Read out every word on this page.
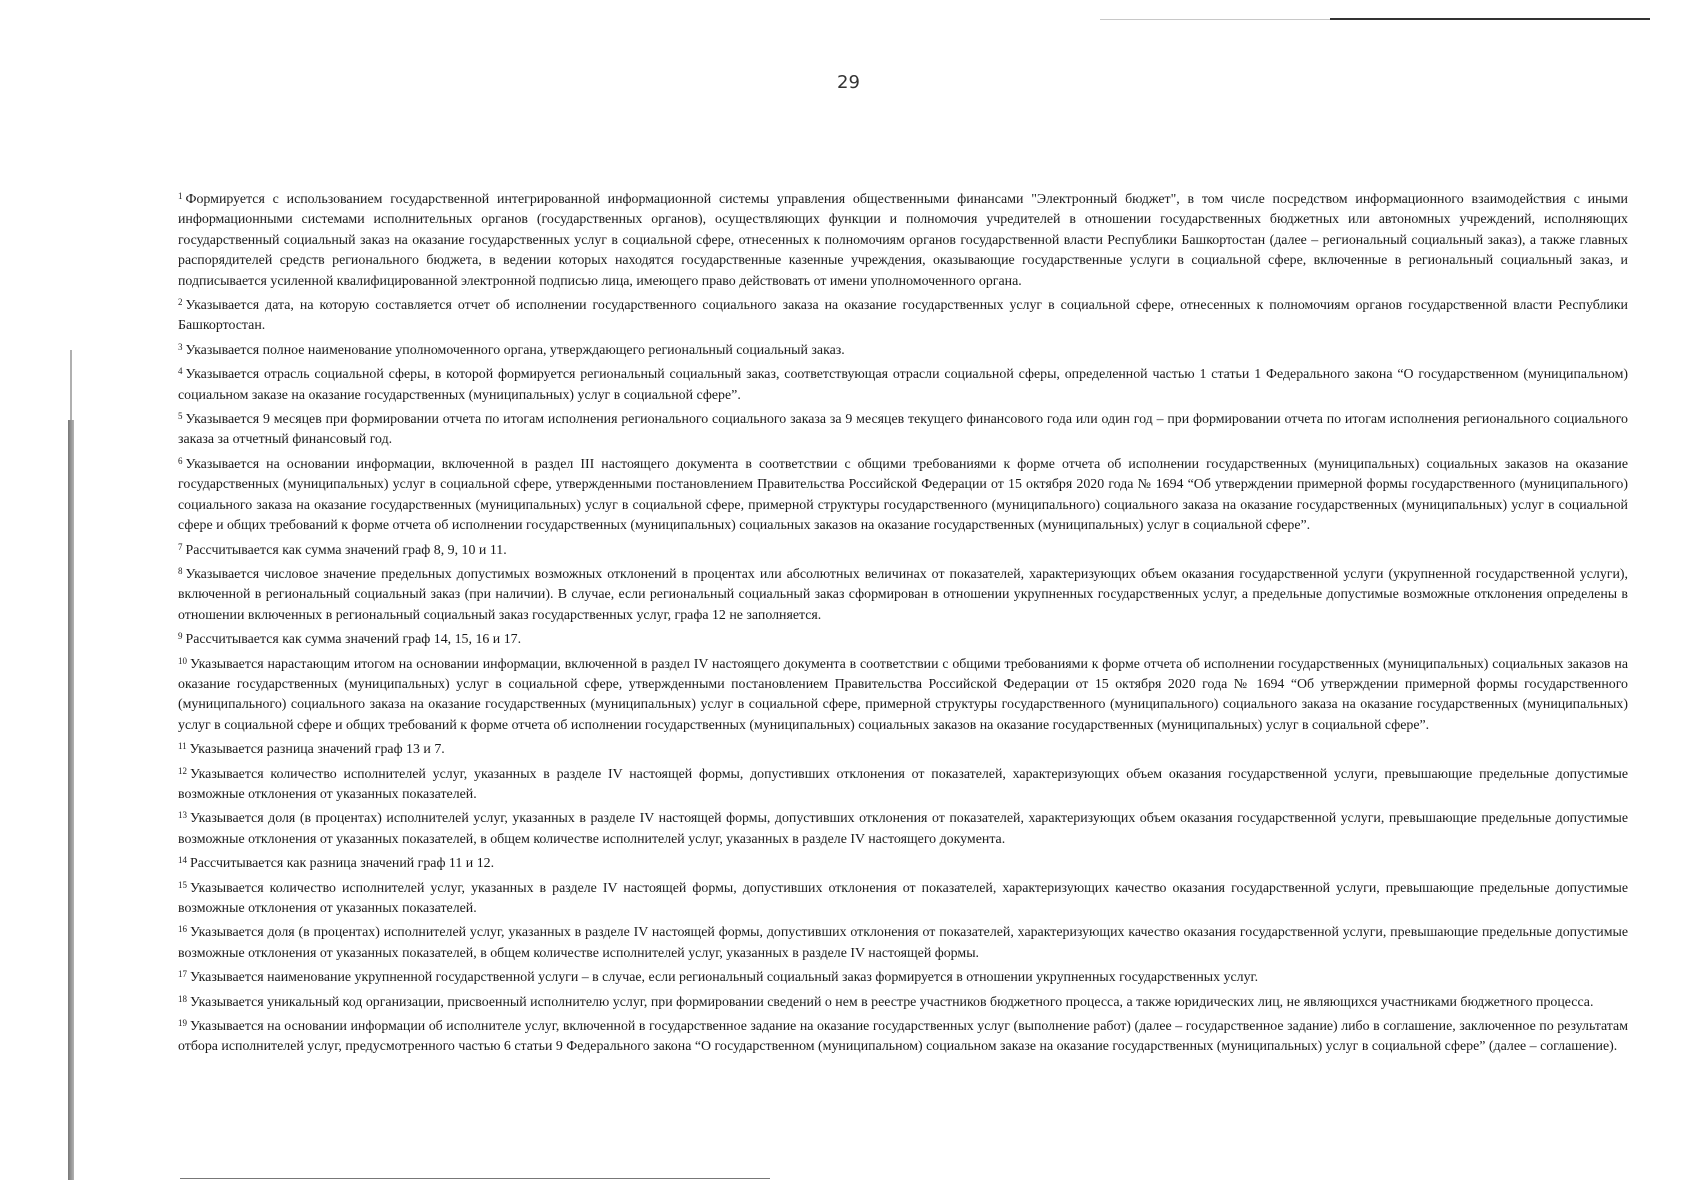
29

$^1$ Формируется с использованием государственной интегрированной информационной системы управления общественными финансами "Электронный бюджет", в том числе посредством информационного взаимодействия с иными информационными системами исполнительных органов (государственных органов), осуществляющих функции и полномочия учредителей в отношении государственных бюджетных или автономных учреждений, исполняющих государственный социальный заказ на оказание государственных услуг в социальной сфере, отнесенных к полномочиям органов государственной власти Республики Башкортостан (далее – региональный социальный заказ), а также главных распорядителей средств регионального бюджета, в ведении которых находятся государственные казенные учреждения, оказывающие государственные услуги в социальной сфере, включенные в региональный социальный заказ, и подписывается усиленной квалифицированной электронной подписью лица, имеющего право действовать от имени уполномоченного органа.

$^2$ Указывается дата, на которую составляется отчет об исполнении государственного социального заказа на оказание государственных услуг в социальной сфере, отнесенных к полномочиям органов государственной власти Республики Башкортостан.

$^3$ Указывается полное наименование уполномоченного органа, утверждающего региональный социальный заказ.

$^4$ Указывается отрасль социальной сферы, в которой формируется региональный социальный заказ, соответствующая отрасли социальной сферы, определенной частью 1 статьи 1 Федерального закона “О государственном (муниципальном) социальном заказе на оказание государственных (муниципальных) услуг в социальной сфере”.

$^5$ Указывается 9 месяцев при формировании отчета по итогам исполнения регионального социального заказа за 9 месяцев текущего финансового года или один год – при формировании отчета по итогам исполнения регионального социального заказа за отчетный финансовый год.

$^6$ Указывается на основании информации, включенной в раздел III настоящего документа в соответствии с общими требованиями к форме отчета об исполнении государственных (муниципальных) социальных заказов на оказание государственных (муниципальных) услуг в социальной сфере, утвержденными постановлением Правительства Российской Федерации от 15 октября 2020 года № 1694 “Об утверждении примерной формы государственного (муниципального) социального заказа на оказание государственных (муниципальных) услуг в социальной сфере, примерной структуры государственного (муниципального) социального заказа на оказание государственных (муниципальных) услуг в социальной сфере и общих требований к форме отчета об исполнении государственных (муниципальных) социальных заказов на оказание государственных (муниципальных) услуг в социальной сфере”.

$^7$ Рассчитывается как сумма значений граф 8, 9, 10 и 11.

$^8$ Указывается числовое значение предельных допустимых возможных отклонений в процентах или абсолютных величинах от показателей, характеризующих объем оказания государственной услуги (укрупненной государственной услуги), включенной в региональный социальный заказ (при наличии). В случае, если региональный социальный заказ сформирован в отношении укрупненных государственных услуг, а предельные допустимые возможные отклонения определены в отношении включенных в региональный социальный заказ государственных услуг, графа 12 не заполняется.

$^9$ Рассчитывается как сумма значений граф 14, 15, 16 и 17.

$^{10}$ Указывается нарастающим итогом на основании информации, включенной в раздел IV настоящего документа в соответствии с общими требованиями к форме отчета об исполнении государственных (муниципальных) социальных заказов на оказание государственных (муниципальных) услуг в социальной сфере, утвержденными постановлением Правительства Российской Федерации от 15 октября 2020 года № 1694 “Об утверждении примерной формы государственного (муниципального) социального заказа на оказание государственных (муниципальных) услуг в социальной сфере, примерной структуры государственного (муниципального) социального заказа на оказание государственных (муниципальных) услуг в социальной сфере и общих требований к форме отчета об исполнении государственных (муниципальных) социальных заказов на оказание государственных (муниципальных) услуг в социальной сфере”.

$^{11}$ Указывается разница значений граф 13 и 7.

$^{12}$ Указывается количество исполнителей услуг, указанных в разделе IV настоящей формы, допустивших отклонения от показателей, характеризующих объем оказания государственной услуги, превышающие предельные допустимые возможные отклонения от указанных показателей.

$^{13}$ Указывается доля (в процентах) исполнителей услуг, указанных в разделе IV настоящей формы, допустивших отклонения от показателей, характеризующих объем оказания государственной услуги, превышающие предельные допустимые возможные отклонения от указанных показателей, в общем количестве исполнителей услуг, указанных в разделе IV настоящего документа.

$^{14}$ Рассчитывается как разница значений граф 11 и 12.

$^{15}$ Указывается количество исполнителей услуг, указанных в разделе IV настоящей формы, допустивших отклонения от показателей, характеризующих качество оказания государственной услуги, превышающие предельные допустимые возможные отклонения от указанных показателей.

$^{16}$ Указывается доля (в процентах) исполнителей услуг, указанных в разделе IV настоящей формы, допустивших отклонения от показателей, характеризующих качество оказания государственной услуги, превышающие предельные допустимые возможные отклонения от указанных показателей, в общем количестве исполнителей услуг, указанных в разделе IV настоящей формы.

$^{17}$ Указывается наименование укрупненной государственной услуги – в случае, если региональный социальный заказ формируется в отношении укрупненных государственных услуг.

$^{18}$ Указывается уникальный код организации, присвоенный исполнителю услуг, при формировании сведений о нем в реестре участников бюджетного процесса, а также юридических лиц, не являющихся участниками бюджетного процесса.

$^{19}$ Указывается на основании информации об исполнителе услуг, включенной в государственное задание на оказание государственных услуг (выполнение работ) (далее – государственное задание) либо в соглашение, заключенное по результатам отбора исполнителей услуг, предусмотренного частью 6 статьи 9 Федерального закона “О государственном (муниципальном) социальном заказе на оказание государственных (муниципальных) услуг в социальной сфере” (далее – соглашение).
